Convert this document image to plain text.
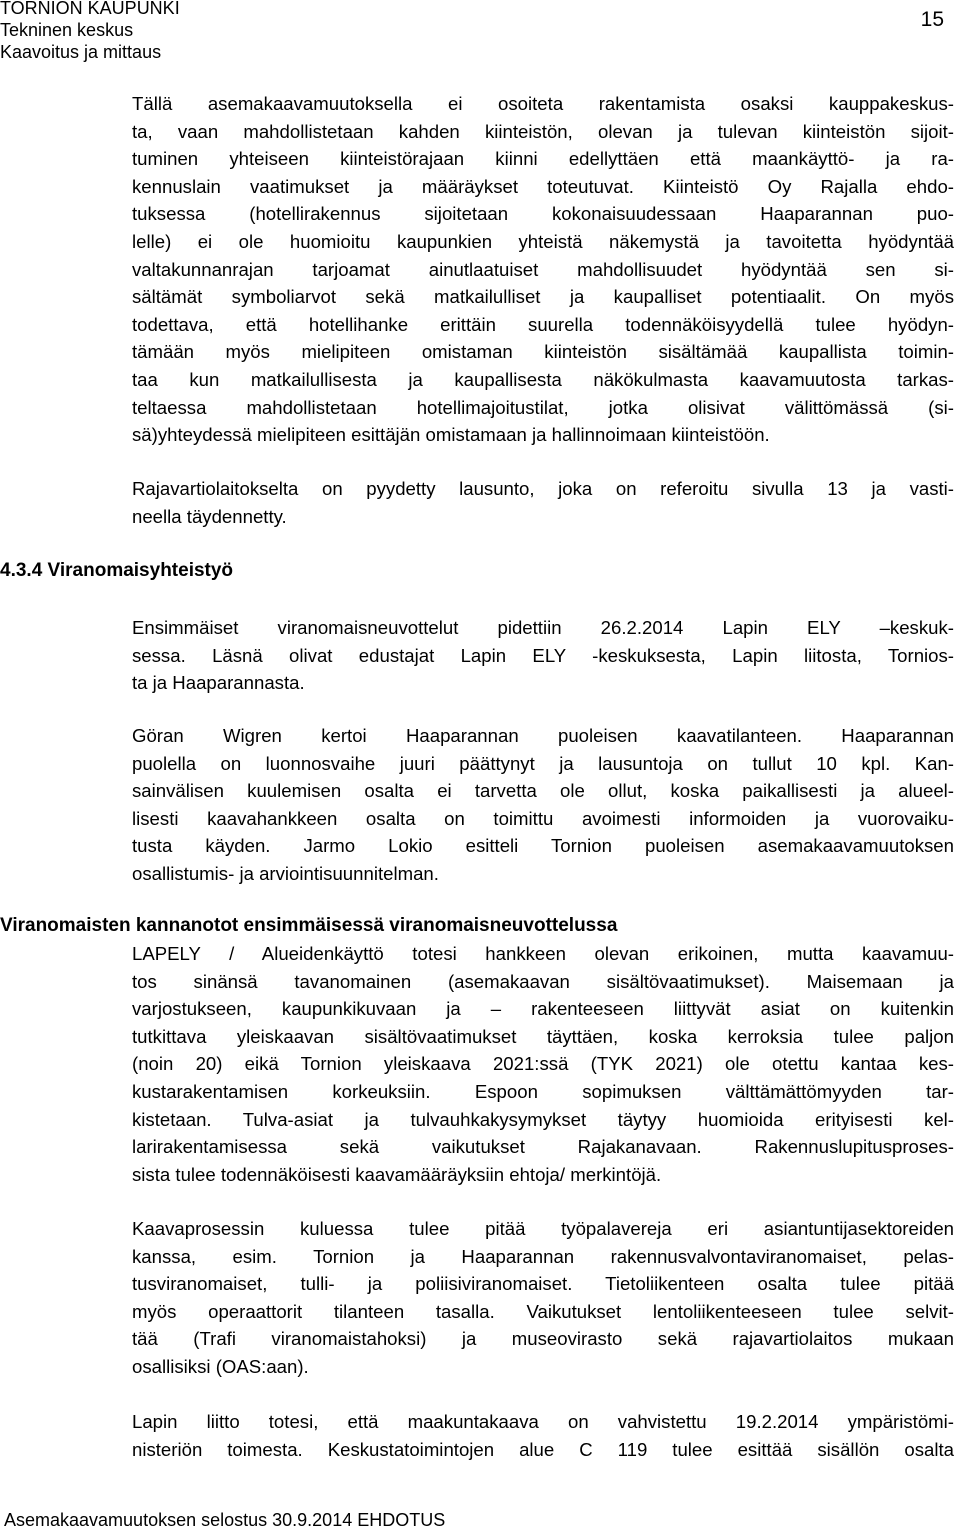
TORNION KAUPUNKI
Tekninen keskus
Kaavoitus ja mittaus
15
Tällä asemakaavamuutoksella ei osoiteta rakentamista osaksi kauppakeskus-
ta, vaan mahdollistetaan kahden kiinteistön, olevan ja tulevan kiinteistön sijoit-
tuminen yhteiseen kiinteistörajaan kiinni edellyttäen että maankäyttö- ja ra-
kennuslain vaatimukset ja määräykset toteutuvat. Kiinteistö Oy Rajalla ehdo-
tuksessa (hotellirakennus sijoitetaan kokonaisuudessaan Haaparannan puo-
lelle) ei ole huomioitu kaupunkien yhteistä näkemystä ja tavoitetta hyödyntää
valtakunnanrajan tarjoamat ainutlaatuiset mahdollisuudet hyödyntää sen si-
sältämät symboliarvot sekä matkailulliset ja kaupalliset potentiaalit. On myös
todettava, että hotellihanke erittäin suurella todennäköisyydellä tulee hyödyn-
tämään myös mielipiteen omistaman kiinteistön sisältämää kaupallista toimin-
taa kun matkailullisesta ja kaupallisesta näkökulmasta kaavamuutosta tarkas-
teltaessa mahdollistetaan hotellimajoitustilat, jotka olisivat välittömässä (si-
sä)yhteydessä mielipiteen esittäjän omistamaan ja hallinnoimaan kiinteistöön.
Rajavartiolaitokselta on pyydetty lausunto, joka on referoitu sivulla 13 ja vasti-
neella täydennetty.
4.3.4 Viranomaisyhteistyö
Ensimmäiset viranomaisneuvottelut pidettiin 26.2.2014 Lapin ELY –keskuk-
sessa. Läsnä olivat edustajat Lapin ELY -keskuksesta, Lapin liitosta, Tornios-
ta ja Haaparannasta.
Göran Wigren kertoi Haaparannan puoleisen kaavatilanteen. Haaparannan
puolella on luonnosvaihe juuri päättynyt ja lausuntoja on tullut 10 kpl. Kan-
sainvälisen kuulemisen osalta ei tarvetta ole ollut, koska paikallisesti ja alueel-
lisesti kaavahankkeen osalta on toimittu avoimesti informoiden ja vuorovaiku-
tusta käyden. Jarmo Lokio esitteli Tornion puoleisen asemakaavamuutoksen
osallistumis- ja arviointisuunnitelman.
Viranomaisten kannanotot ensimmäisessä viranomaisneuvottelussa
LAPELY / Alueidenkäyttö totesi hankkeen olevan erikoinen, mutta kaavamuu-
tos sinänsä tavanomainen (asemakaavan sisältövaatimukset). Maisemaan ja
varjostukseen, kaupunkikuvaan ja – rakenteeseen liittyvät asiat on kuitenkin
tutkittava yleiskaavan sisältövaatimukset täyttäen, koska kerroksia tulee paljon
(noin 20) eikä Tornion yleiskaava 2021:ssä (TYK 2021) ole otettu kantaa kes-
kustarakentamisen korkeuksiin. Espoon sopimuksen välttämättömyyden tar-
kistetaan. Tulva-asiat ja tulvauhkakysymykset täytyy huomioida erityisesti kel-
larirakentamisessa sekä vaikutukset Rajakanavaan. Rakennuslupitusproses-
sista tulee todennäköisesti kaavamääräyksiin ehtoja/ merkintöjä.
Kaavaprosessin kuluessa tulee pitää työpalavereja eri asiantuntijasektoreiden
kanssa, esim. Tornion ja Haaparannan rakennusvalvontaviranomaiset, pelas-
tusviranomaiset, tulli- ja poliisiviranomaiset. Tietoliikenteen osalta tulee pitää
myös operaattorit tilanteen tasalla. Vaikutukset lentoliikenteeseen tulee selvit-
tää (Trafi viranomaistahoksi) ja museovirasto sekä rajavartiolaitos mukaan
osallisiksi (OAS:aan).
Lapin liitto totesi, että maakuntakaava on vahvistettu 19.2.2014 ympäristömi-
nisteriön toimesta. Keskustatoimintojen alue C 119 tulee esittää sisällön osalta
Asemakaavamuutoksen selostus 30.9.2014 EHDOTUS
